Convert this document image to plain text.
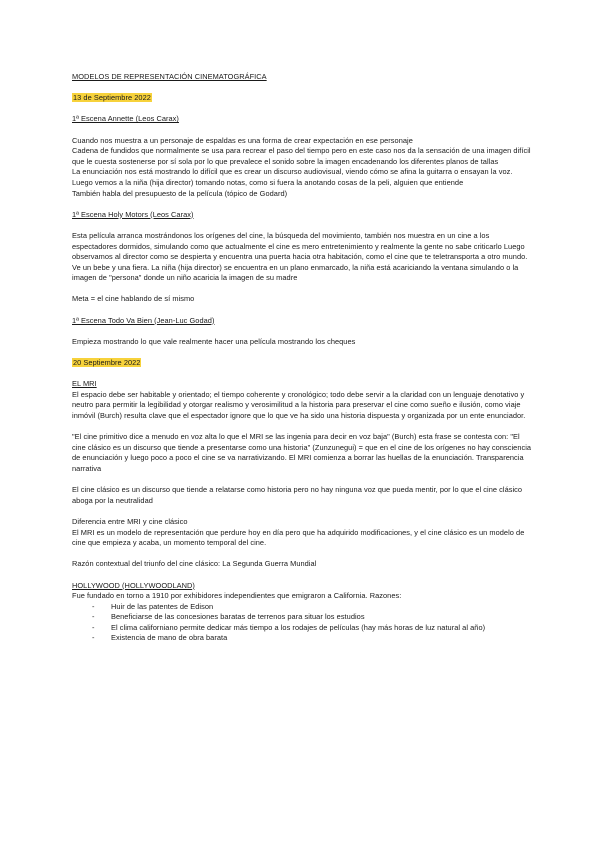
MODELOS DE REPRESENTACIÓN CINEMATOGRÁFICA

13 de Septiembre 2022

1ª Escena Annette (Leos Carax)

Cuando nos muestra a un personaje de espaldas es una forma de crear expectación en ese personaje

Cadena de fundidos que normalmente se usa para recrear el paso del tiempo pero en este caso nos da la sensación de una imagen difícil que le cuesta sostenerse por sí sola por lo que prevalece el sonido sobre la imagen encadenando los diferentes planos de tallas

La enunciación nos está mostrando lo difícil que es crear un discurso audiovisual, viendo cómo se afina la guitarra o ensayan la voz. Luego vemos a la niña (hija director) tomando notas, como si fuera la anotando cosas de la peli, alguien que entiende

También habla del presupuesto de la película (tópico de Godard)

1ª Escena Holy Motors (Leos Carax)

Esta película arranca mostrándonos los orígenes del cine, la búsqueda del movimiento, también nos muestra en un cine a los espectadores dormidos, simulando como que actualmente el cine es mero entretenimiento y realmente la gente no sabe criticarlo Luego observamos al director como se despierta y encuentra una puerta hacia otra habitación, como el cine que te teletransporta a otro mundo. Ve un bebe y una fiera. La niña (hija director) se encuentra en un plano enmarcado, la niña está acariciando la ventana simulando o la imagen de "persona" donde un niño acaricia la imagen de su madre

Meta = el cine hablando de sí mismo

1ª Escena Todo Va Bien (Jean-Luc Godad)

Empieza mostrando lo que vale realmente hacer una película mostrando los cheques

20 Septiembre 2022

EL MRI

El espacio debe ser habitable y orientado; el tiempo coherente y cronológico; todo debe servir a la claridad con un lenguaje denotativo y neutro para permitir la legibilidad y otorgar realismo y verosimilitud a la historia para preservar el cine como sueño e ilusión, como viaje inmóvil (Burch) resulta clave que el espectador ignore que lo que ve ha sido una historia dispuesta y organizada por un ente enunciador.

"El cine primitivo dice a menudo en voz alta lo que el MRI se las ingenia para decir en voz baja" (Burch) esta frase se contesta con: "El cine clásico es un discurso que tiende a presentarse como una historia" (Zunzunegui) = que en el cine de los orígenes no hay consciencia de enunciación y luego poco a poco el cine se va narrativizando. El MRI comienza a borrar las huellas de la enunciación. Transparencia narrativa

El cine clásico es un discurso que tiende a relatarse como historia pero no hay ninguna voz que pueda mentir, por lo que el cine clásico aboga por la neutralidad

Diferencia entre MRI y cine clásico

El MRI es un modelo de representación que perdure hoy en día pero que ha adquirido modificaciones, y el cine clásico es un modelo de cine que empieza y acaba, un momento temporal del cine.

Razón contextual del triunfo del cine clásico: La Segunda Guerra Mundial

HOLLYWOOD (HOLLYWOODLAND)

Fue fundado en torno a 1910 por exhibidores independientes que emigraron a California. Razones:

- Huir de las patentes de Edison
- Beneficiarse de las concesiones baratas de terrenos para situar los estudios
- El clima californiano permite dedicar más tiempo a los rodajes de películas (hay más horas de luz natural al año)
- Existencia de mano de obra barata
